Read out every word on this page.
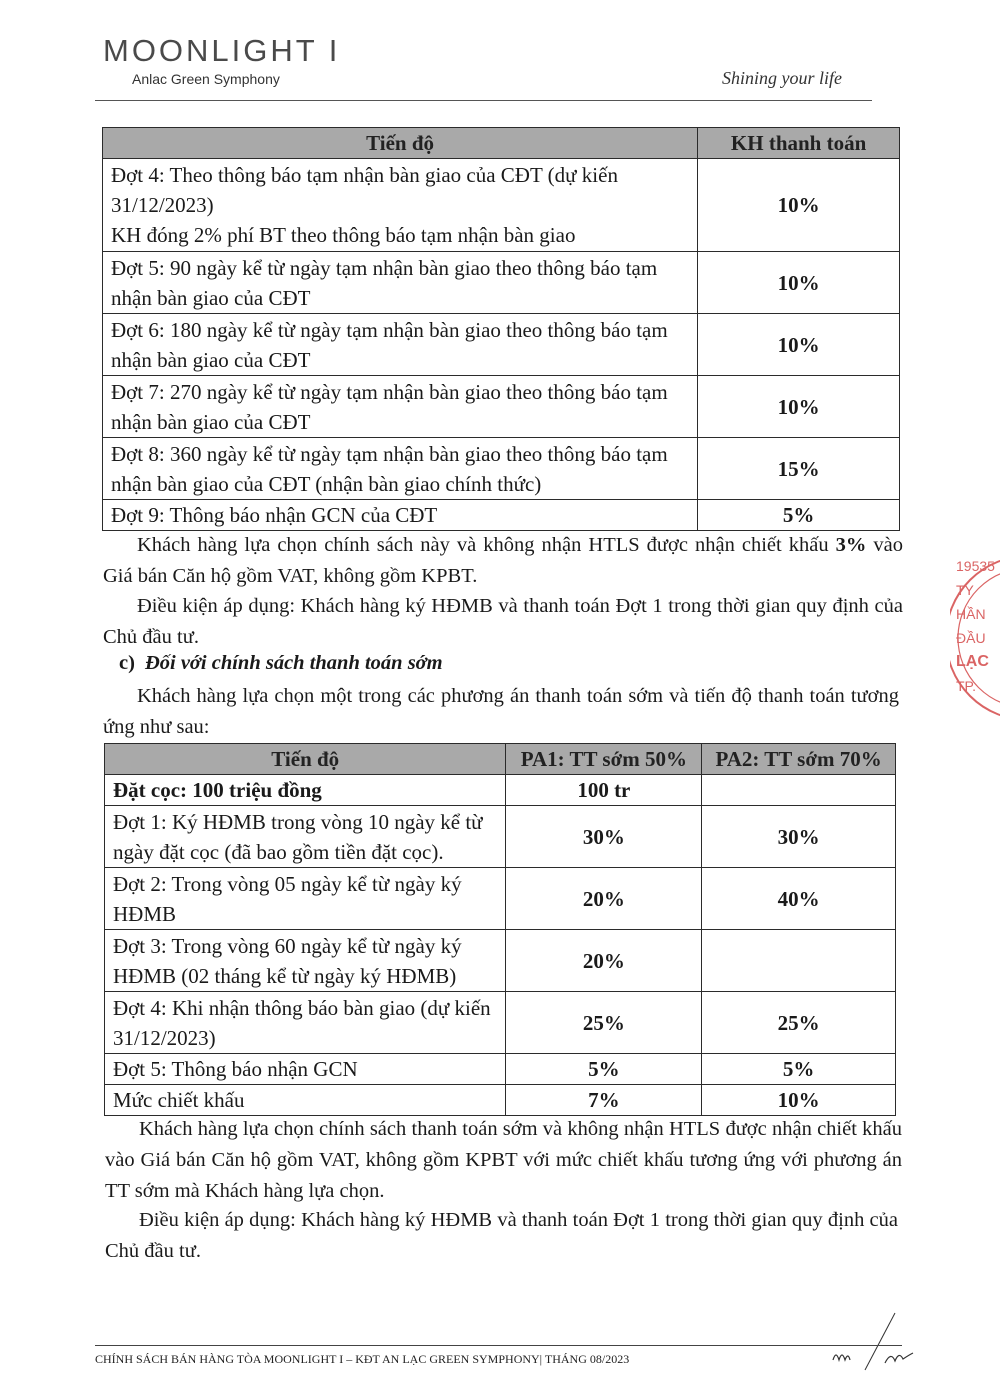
MOONLIGHT I
Anlac Green Symphony	Shining your life
Tiến độ	KH thanh toán

Đợt 4: Theo thông báo tạm nhận bàn giao của CĐT (dự kiến 31/12/2023)
KH đóng 2% phí BT theo thông báo tạm nhận bàn giao	10%
Đợt 5: 90 ngày kể từ ngày tạm nhận bàn giao theo thông báo tạm nhận bàn giao của CĐT	10%
Đợt 6: 180 ngày kể từ ngày tạm nhận bàn giao theo thông báo tạm nhận bàn giao của CĐT	10%
Đợt 7: 270 ngày kể từ ngày tạm nhận bàn giao theo thông báo tạm nhận bàn giao của CĐT	10%
Đợt 8: 360 ngày kể từ ngày tạm nhận bàn giao theo thông báo tạm nhận bàn giao của CĐT (nhận bàn giao chính thức)	15%
Đợt 9: Thông báo nhận GCN của CĐT	5%
Khách hàng lựa chọn chính sách này và không nhận HTLS được nhận chiết khấu 3% vào Giá bán Căn hộ gồm VAT, không gồm KPBT.
Điều kiện áp dụng: Khách hàng ký HĐMB và thanh toán Đợt 1 trong thời gian quy định của Chủ đầu tư.
c) Đối với chính sách thanh toán sớm
Khách hàng lựa chọn một trong các phương án thanh toán sớm và tiến độ thanh toán tương ứng như sau:
Tiến độ	PA1: TT sớm 50%	PA2: TT sớm 70%
Đặt cọc: 100 triệu đồng	100 tr	
Đợt 1: Ký HĐMB trong vòng 10 ngày kể từ ngày đặt cọc (đã bao gồm tiền đặt cọc).	30%	30%
Đợt 2: Trong vòng 05 ngày kể từ ngày ký HĐMB	20%	40%
Đợt 3: Trong vòng 60 ngày kể từ ngày ký HĐMB (02 tháng kể từ ngày ký HĐMB)	20%	
Đợt 4: Khi nhận thông báo bàn giao (dự kiến 31/12/2023)	25%	25%
Đợt 5: Thông báo nhận GCN	5%	5%
Mức chiết khấu	7%	10%
Khách hàng lựa chọn chính sách thanh toán sớm và không nhận HTLS được nhận chiết khấu vào Giá bán Căn hộ gồm VAT, không gồm KPBT với mức chiết khấu tương ứng với phương án TT sớm mà Khách hàng lựa chọn.
Điều kiện áp dụng: Khách hàng ký HĐMB và thanh toán Đợt 1 trong thời gian quy định của Chủ đầu tư.
19535
TY
HẦN
ĐẦU
LẠC
TP.
CHÍNH SÁCH BÁN HÀNG TÒA MOONLIGHT I – KĐT AN LẠC GREEN SYMPHONY| THÁNG 08/2023
